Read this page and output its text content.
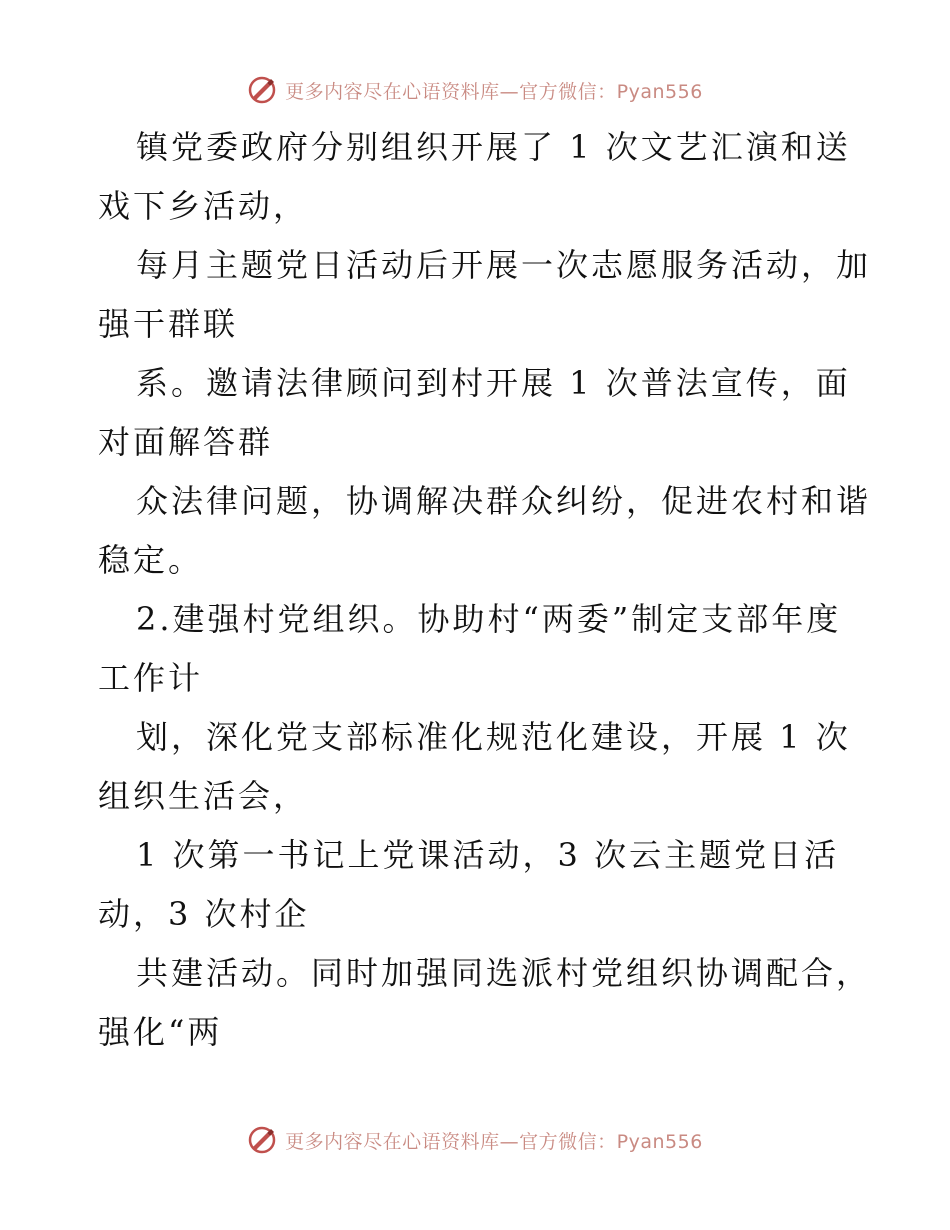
更多内容尽在心语资料库—官方微信：Pyan556
镇党委政府分别组织开展了 1 次文艺汇演和送
戏下乡活动，
每月主题党日活动后开展一次志愿服务活动，加
强干群联
系。邀请法律顾问到村开展 1 次普法宣传，面
对面解答群
众法律问题，协调解决群众纠纷，促进农村和谐
稳定。
2.建强村党组织。协助村“两委”制定支部年度
工作计
划，深化党支部标准化规范化建设，开展 1 次
组织生活会，
1 次第一书记上党课活动，3 次云主题党日活
动，3 次村企
共建活动。同时加强同选派村党组织协调配合，
强化“两
更多内容尽在心语资料库—官方微信：Pyan556
